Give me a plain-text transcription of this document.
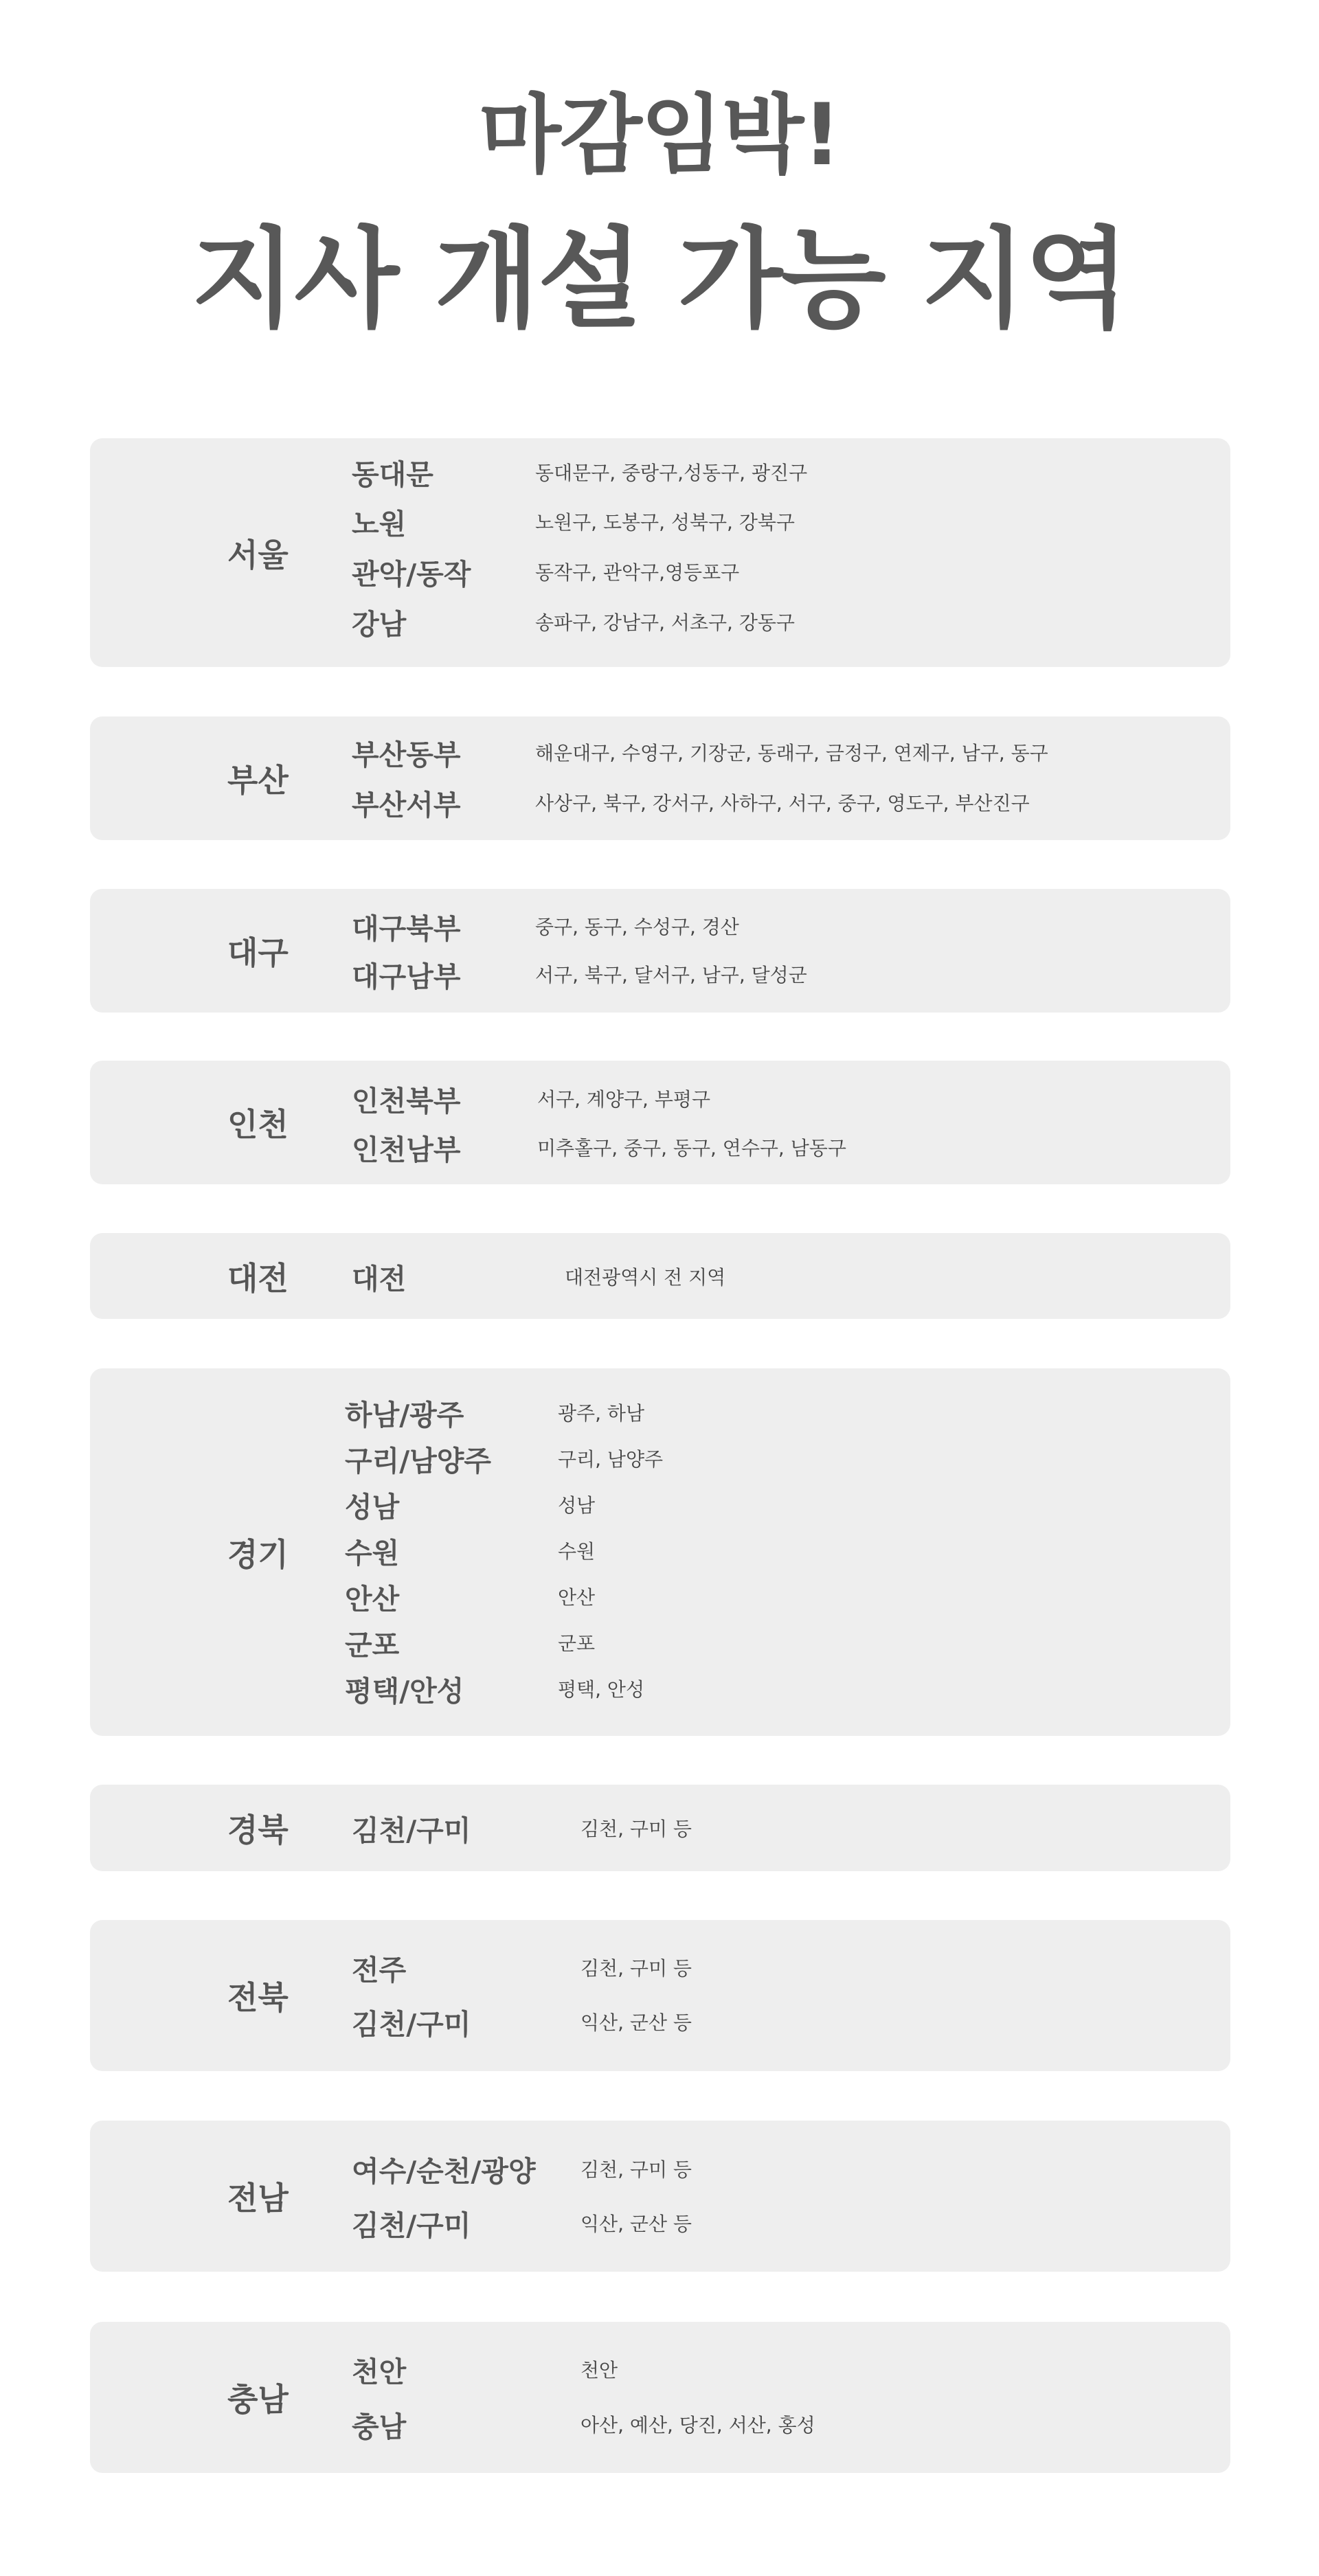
마감임박!
지사 개설 가능 지역
서울
동대문	동대문구, 중랑구,성동구, 광진구
노원	노원구, 도봉구, 성북구, 강북구
관악/동작	동작구, 관악구,영등포구
강남	송파구, 강남구, 서초구, 강동구
부산
부산동부	해운대구, 수영구, 기장군, 동래구, 금정구, 연제구, 남구, 동구
부산서부	사상구, 북구, 강서구, 사하구, 서구, 중구, 영도구, 부산진구
대구
대구북부	중구, 동구, 수성구, 경산
대구남부	서구, 북구, 달서구, 남구, 달성군
인천
인천북부	서구, 계양구, 부평구
인천남부	미추홀구, 중구, 동구, 연수구, 남동구
대전	대전	대전광역시 전 지역
경기
하남/광주	광주, 하남
구리/남양주	구리, 남양주
성남	성남
수원	수원
안산	안산
군포	군포
평택/안성	평택, 안성
경북	김천/구미	김천, 구미 등
전북
전주	김천, 구미 등
김천/구미	익산, 군산 등
전남
여수/순천/광양 김천, 구미 등
김천/구미	익산, 군산 등
충남
천안	천안
충남	아산, 예산, 당진, 서산, 홍성
